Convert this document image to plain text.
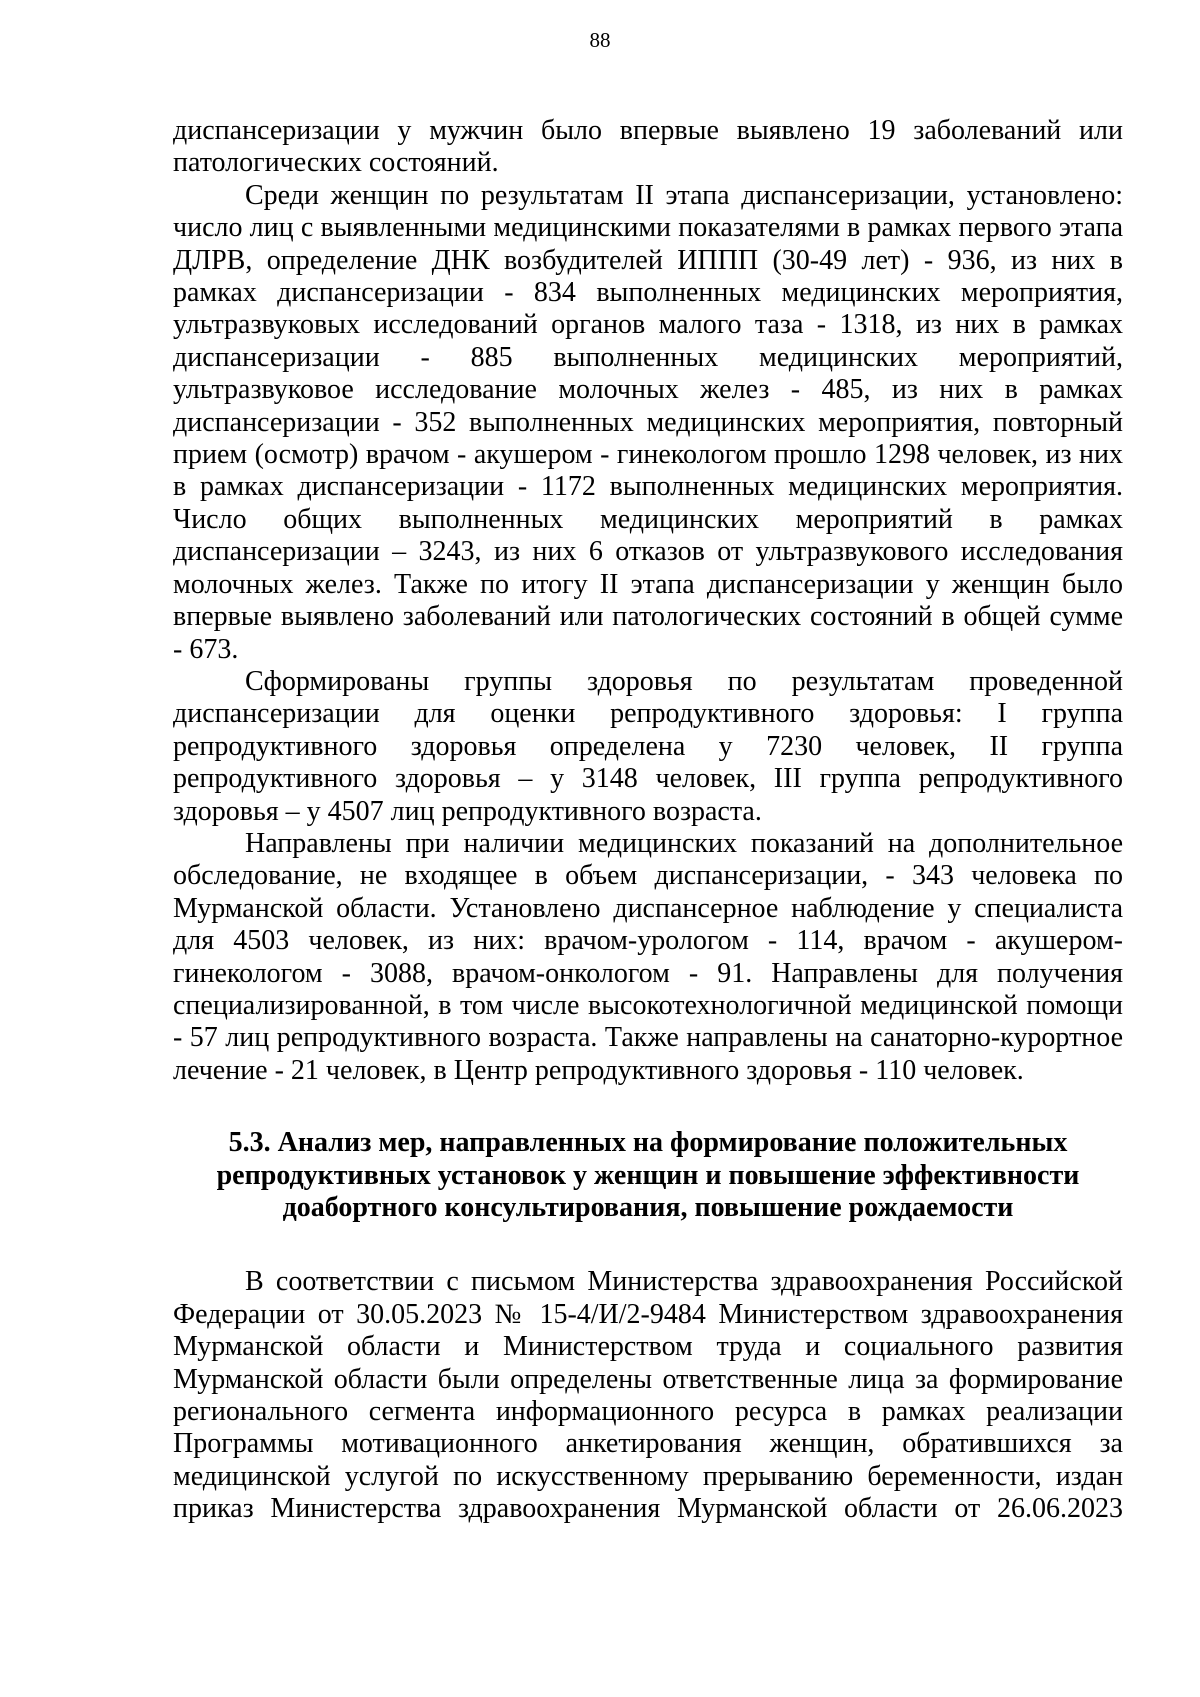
88

диспансеризации у мужчин было впервые выявлено 19 заболеваний или патологических состояний.

Среди женщин по результатам II этапа диспансеризации, установлено: число лиц с выявленными медицинскими показателями в рамках первого этапа ДЛРВ, определение ДНК возбудителей ИППП (30-49 лет) - 936, из них в рамках диспансеризации - 834 выполненных медицинских мероприятия, ультразвуковых исследований органов малого таза - 1318, из них в рамках диспансеризации - 885 выполненных медицинских мероприятий, ультразвуковое исследование молочных желез - 485, из них в рамках диспансеризации - 352 выполненных медицинских мероприятия, повторный прием (осмотр) врачом - акушером - гинекологом прошло 1298 человек, из них в рамках диспансеризации - 1172 выполненных медицинских мероприятия. Число общих выполненных медицинских мероприятий в рамках диспансеризации – 3243, из них 6 отказов от ультразвукового исследования молочных желез. Также по итогу II этапа диспансеризации у женщин было впервые выявлено заболеваний или патологических состояний в общей сумме - 673.

Сформированы группы здоровья по результатам проведенной диспансеризации для оценки репродуктивного здоровья: I группа репродуктивного здоровья определена у 7230 человек, II группа репродуктивного здоровья – у 3148 человек, III группа репродуктивного здоровья – у 4507 лиц репродуктивного возраста.

Направлены при наличии медицинских показаний на дополнительное обследование, не входящее в объем диспансеризации, - 343 человека по Мурманской области. Установлено диспансерное наблюдение у специалиста для 4503 человек, из них: врачом-урологом - 114, врачом - акушером-гинекологом - 3088, врачом-онкологом - 91. Направлены для получения специализированной, в том числе высокотехнологичной медицинской помощи - 57 лиц репродуктивного возраста. Также направлены на санаторно-курортное лечение - 21 человек, в Центр репродуктивного здоровья - 110 человек.

5.3. Анализ мер, направленных на формирование положительных репродуктивных установок у женщин и повышение эффективности доабортного консультирования, повышение рождаемости

В соответствии с письмом Министерства здравоохранения Российской Федерации от 30.05.2023 № 15-4/И/2-9484 Министерством здравоохранения Мурманской области и Министерством труда и социального развития Мурманской области были определены ответственные лица за формирование регионального сегмента информационного ресурса в рамках реализации Программы мотивационного анкетирования женщин, обратившихся за медицинской услугой по искусственному прерыванию беременности, издан приказ Министерства здравоохранения Мурманской области от 26.06.2023
